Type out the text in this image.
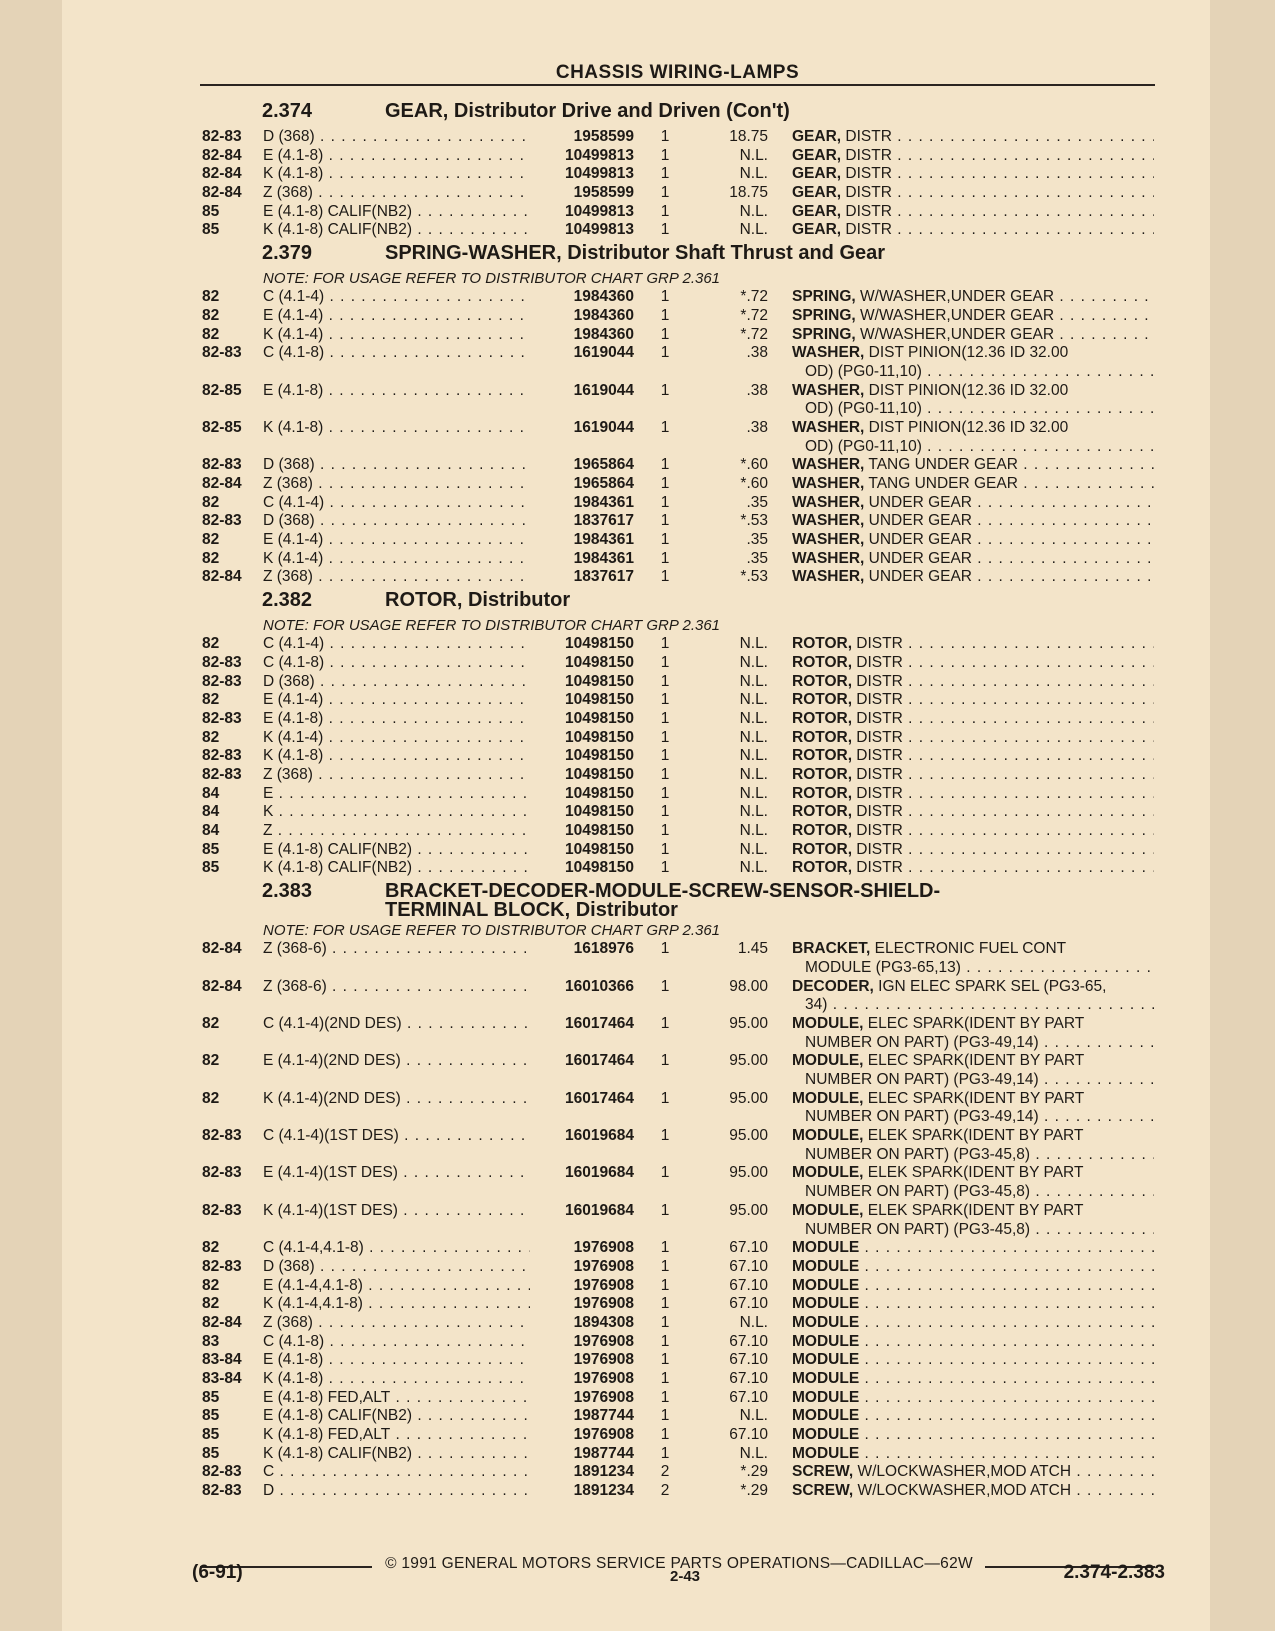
CHASSIS WIRING-LAMPS
2.374	GEAR, Distributor Drive and Driven (Con't)
82-83 D (368) . . .	1958599	1	18.75 GEAR, DISTR . . .
82-84 E (4.1-8) . . .	10499813	1	N.L. GEAR, DISTR . . .
82-84 K (4.1-8) . . .	10499813	1	N.L. GEAR, DISTR . . .
82-84 Z (368) . . .	1958599	1	18.75 GEAR, DISTR . . .
85	E (4.1-8) CALIF(NB2) . . .	10499813	1	N.L. GEAR, DISTR . . .
85	K (4.1-8) CALIF(NB2) . . .	10499813	1	N.L. GEAR, DISTR . . .
2.379	SPRING-WASHER, Distributor Shaft Thrust and Gear
NOTE: FOR USAGE REFER TO DISTRIBUTOR CHART GRP 2.361
82	C (4.1-4) . . .	1984360	1	*.72 SPRING, W/WASHER,UNDER GEAR . . .
82	E (4.1-4) . . .	1984360	1	*.72 SPRING, W/WASHER,UNDER GEAR . . .
82	K (4.1-4) . . .	1984360	1	*.72 SPRING, W/WASHER,UNDER GEAR . . .
82-83 C (4.1-8) . . .	1619044	1	.38 WASHER, DIST PINION(12.36 ID 32.00
OD) (PG0-11,10) . . .
82-85 E (4.1-8) . . .	1619044	1	.38 WASHER, DIST PINION(12.36 ID 32.00
OD) (PG0-11,10) . . .
82-85 K (4.1-8) . . .	1619044	1	.38 WASHER, DIST PINION(12.36 ID 32.00
OD) (PG0-11,10) . . .
82-83 D (368) . . .	1965864	1	*.60 WASHER, TANG UNDER GEAR . . .
82-84 Z (368) . . .	1965864	1	*.60 WASHER, TANG UNDER GEAR . . .
82	C (4.1-4) . . .	1984361	1	.35 WASHER, UNDER GEAR . . .
82-83 D (368) . . .	1837617	1	*.53 WASHER, UNDER GEAR . . .
82	E (4.1-4) . . .	1984361	1	.35 WASHER, UNDER GEAR . . .
82	K (4.1-4) . . .	1984361	1	.35 WASHER, UNDER GEAR . . .
82-84 Z (368) . . .	1837617	1	*.53 WASHER, UNDER GEAR . . .
2.382	ROTOR, Distributor
NOTE: FOR USAGE REFER TO DISTRIBUTOR CHART GRP 2.361
82	C (4.1-4) . . .	10498150	1	N.L. ROTOR, DISTR . . .
82-83 C (4.1-8) . . .	10498150	1	N.L. ROTOR, DISTR . . .
82-83 D (368) . . .	10498150	1	N.L. ROTOR, DISTR . . .
82	E (4.1-4) . . .	10498150	1	N.L. ROTOR, DISTR . . .
82-83 E (4.1-8) . . .	10498150	1	N.L. ROTOR, DISTR . . .
82	K (4.1-4) . . .	10498150	1	N.L. ROTOR, DISTR . . .
82-83 K (4.1-8) . . .	10498150	1	N.L. ROTOR, DISTR . . .
82-83 Z (368) . . .	10498150	1	N.L. ROTOR, DISTR . . .
84	E . . .	10498150	1	N.L. ROTOR, DISTR . . .
84	K . . .	10498150	1	N.L. ROTOR, DISTR . . .
84	Z . . .	10498150	1	N.L. ROTOR, DISTR . . .
85	E (4.1-8) CALIF(NB2) . . .	10498150	1	N.L. ROTOR, DISTR . . .
85	K (4.1-8) CALIF(NB2) . . .	10498150	1	N.L. ROTOR, DISTR . . .
2.383	BRACKET-DECODER-MODULE-SCREW-SENSOR-SHIELD-
TERMINAL BLOCK, Distributor
NOTE: FOR USAGE REFER TO DISTRIBUTOR CHART GRP 2.361
82-84 Z (368-6) . . .	1618976	1	1.45 BRACKET, ELECTRONIC FUEL CONT
MODULE (PG3-65,13) . . .
82-84 Z (368-6) . . .	16010366	1	98.00 DECODER, IGN ELEC SPARK SEL (PG3-65,
34) . . .
82	C (4.1-4)(2ND DES) . . .	16017464	1	95.00 MODULE, ELEC SPARK(IDENT BY PART
NUMBER ON PART) (PG3-49,14) . . .
82	E (4.1-4)(2ND DES) . . .	16017464	1	95.00 MODULE, ELEC SPARK(IDENT BY PART
NUMBER ON PART) (PG3-49,14) . . .
82	K (4.1-4)(2ND DES) . . .	16017464	1	95.00 MODULE, ELEC SPARK(IDENT BY PART
NUMBER ON PART) (PG3-49,14) . . .
82-83 C (4.1-4)(1ST DES) . . .	16019684	1	95.00 MODULE, ELEK SPARK(IDENT BY PART
NUMBER ON PART) (PG3-45,8) . . .
82-83 E (4.1-4)(1ST DES) . . .	16019684	1	95.00 MODULE, ELEK SPARK(IDENT BY PART
NUMBER ON PART) (PG3-45,8) . . .
82-83 K (4.1-4)(1ST DES) . . .	16019684	1	95.00 MODULE, ELEK SPARK(IDENT BY PART
NUMBER ON PART) (PG3-45,8) . . .
82	C (4.1-4,4.1-8) . . .	1976908	1	67.10 MODULE . . .
82-83 D (368) . . .	1976908	1	67.10 MODULE . . .
82	E (4.1-4,4.1-8) . . .	1976908	1	67.10 MODULE . . .
82	K (4.1-4,4.1-8) . . .	1976908	1	67.10 MODULE . . .
82-84 Z (368) . . .	1894308	1	N.L. MODULE . . .
83	C (4.1-8) . . .	1976908	1	67.10 MODULE . . .
83-84 E (4.1-8) . . .	1976908	1	67.10 MODULE . . .
83-84 K (4.1-8) . . .	1976908	1	67.10 MODULE . . .
85	E (4.1-8) FED,ALT . . .	1976908	1	67.10 MODULE . . .
85	E (4.1-8) CALIF(NB2) . . .	1987744	1	N.L. MODULE . . .
85	K (4.1-8) FED,ALT . . .	1976908	1	67.10 MODULE . . .
85	K (4.1-8) CALIF(NB2) . . .	1987744	1	N.L. MODULE . . .
82-83 C . . .	1891234	2	*.29 SCREW, W/LOCKWASHER,MOD ATCH . . .
82-83 D . . .	1891234	2	*.29 SCREW, W/LOCKWASHER,MOD ATCH . . .
© 1991 GENERAL MOTORS SERVICE PARTS OPERATIONS—CADILLAC—62W
(6-91)	2-43	2.374-2.383
